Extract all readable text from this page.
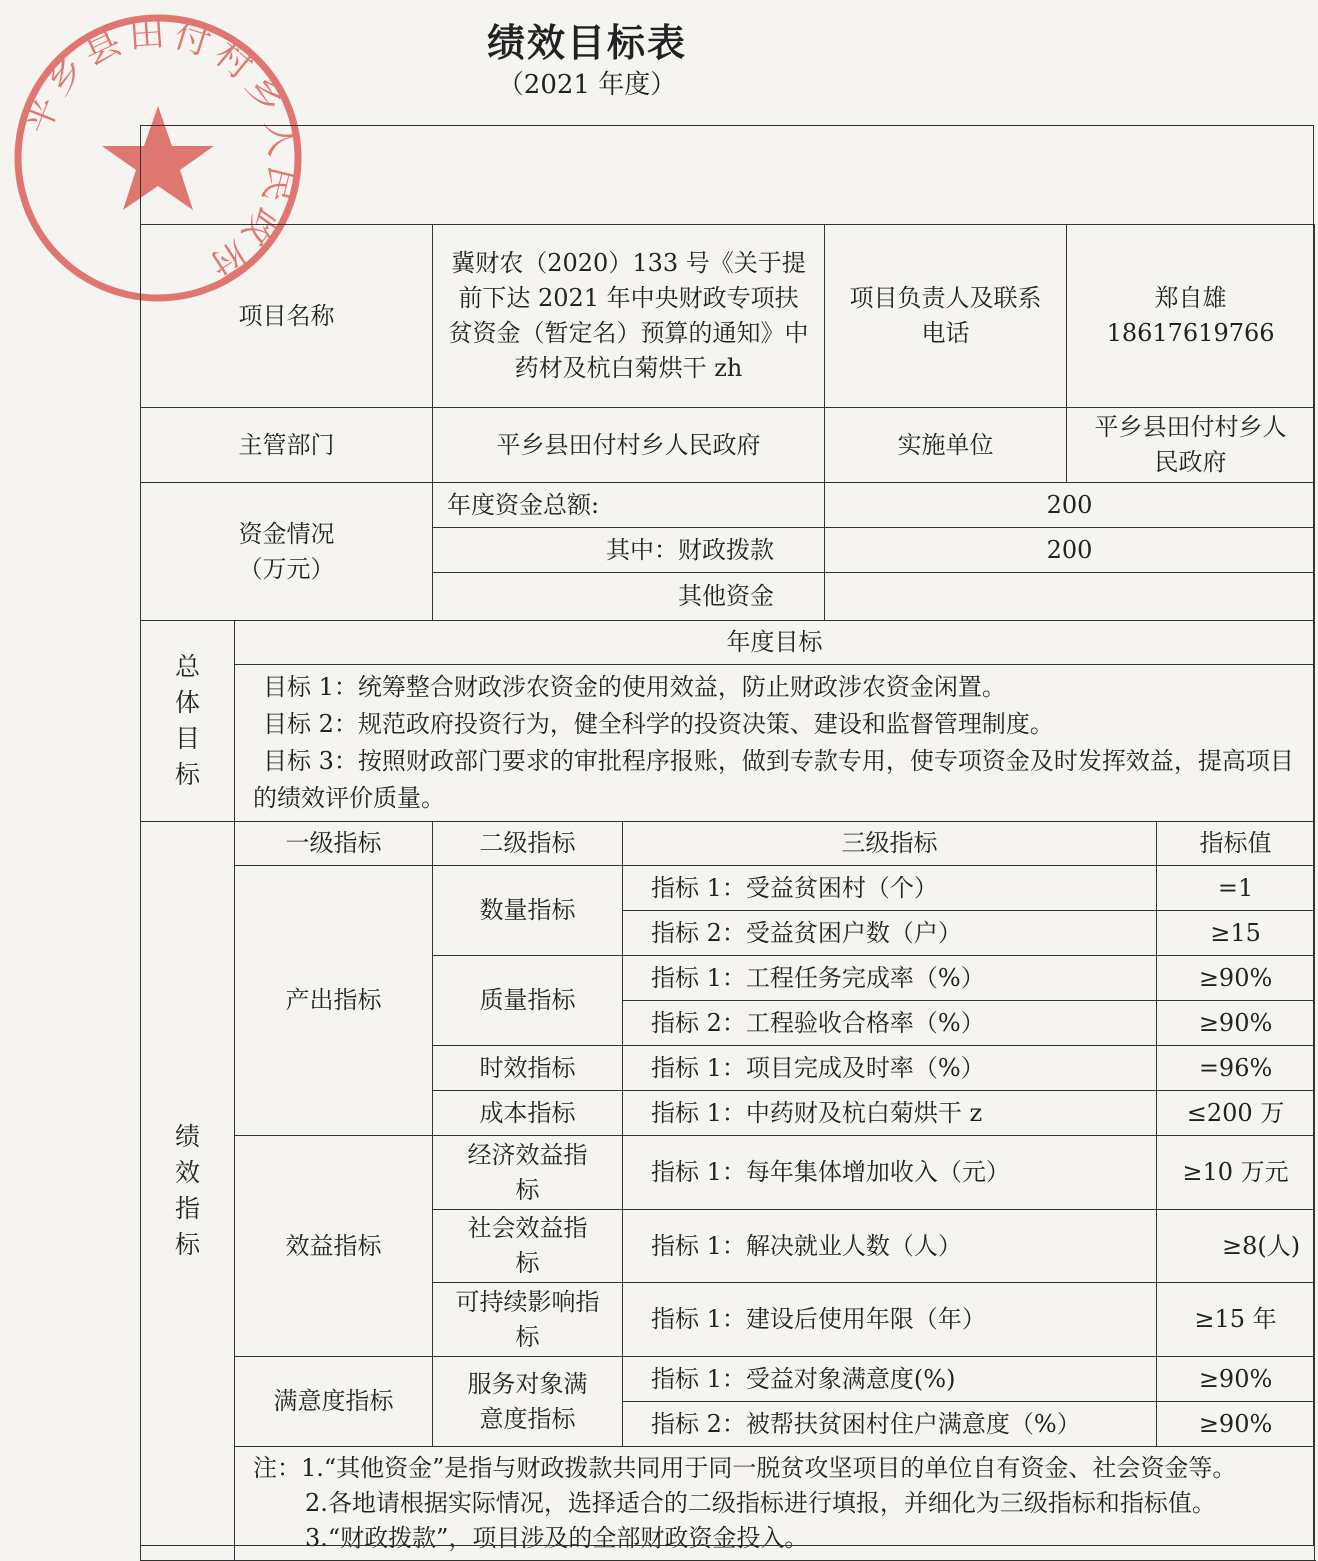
平乡县田付村乡人民政府
绩效目标表
（2021 年度）
项目名称		冀财农（2020）133 号《关于提前下达 2021 年中央财政专项扶贫资金（暂定名）预算的通知》中药材及杭白菊烘干 zh		项目负责人及联系电话	郑自雄
18617619766	

主管部门		平乡县田付村乡人民政府		实施单位	平乡县田付村乡人民政府	

资金情况
（万元）		年度资金总额:		200		
		其中：财政拨款		200		
		其他资金				

总体目标	年度目标					

	目标 1：统筹整合财政涉农资金的使用效益，防止财政涉农资金闲置。
目标 2：规范政府投资行为，健全科学的投资决策、建设和监督管理制度。
目标 3：按照财政部门要求的审批程序报账，做到专款专用，使专项资金及时发挥效益，提高项目的绩效评价质量。					

绩效指标	一级指标	二级指标	三级指标			指标值
	产出指标	数量指标	指标 1：受益贫困村（个）			=1
			指标 2：受益贫困户数（户）			≥15
		质量指标	指标 1：工程任务完成率（%）			≥90%
			指标 2：工程验收合格率（%）			≥90%
		时效指标	指标 1：项目完成及时率（%）			=96%
		成本指标	指标 1：中药财及杭白菊烘干 z			≤200 万
	效益指标	经济效益指标	指标 1：每年集体增加收入（元）			≥10 万元
		社会效益指标	指标 1：解决就业人数（人）			≥8(人)
		可持续影响指标	指标 1：建设后使用年限（年）			≥15 年
	满意度指标	服务对象满意度指标	指标 1：受益对象满意度(%)			≥90%
			指标 2：被帮扶贫困村住户满意度（%）			≥90%

	注：1.“其他资金”是指与财政拨款共同用于同一脱贫攻坚项目的单位自有资金、社会资金等。
2.各地请根据实际情况，选择适合的二级指标进行填报，并细化为三级指标和指标值。
3.“财政拨款”，项目涉及的全部财政资金投入。					
